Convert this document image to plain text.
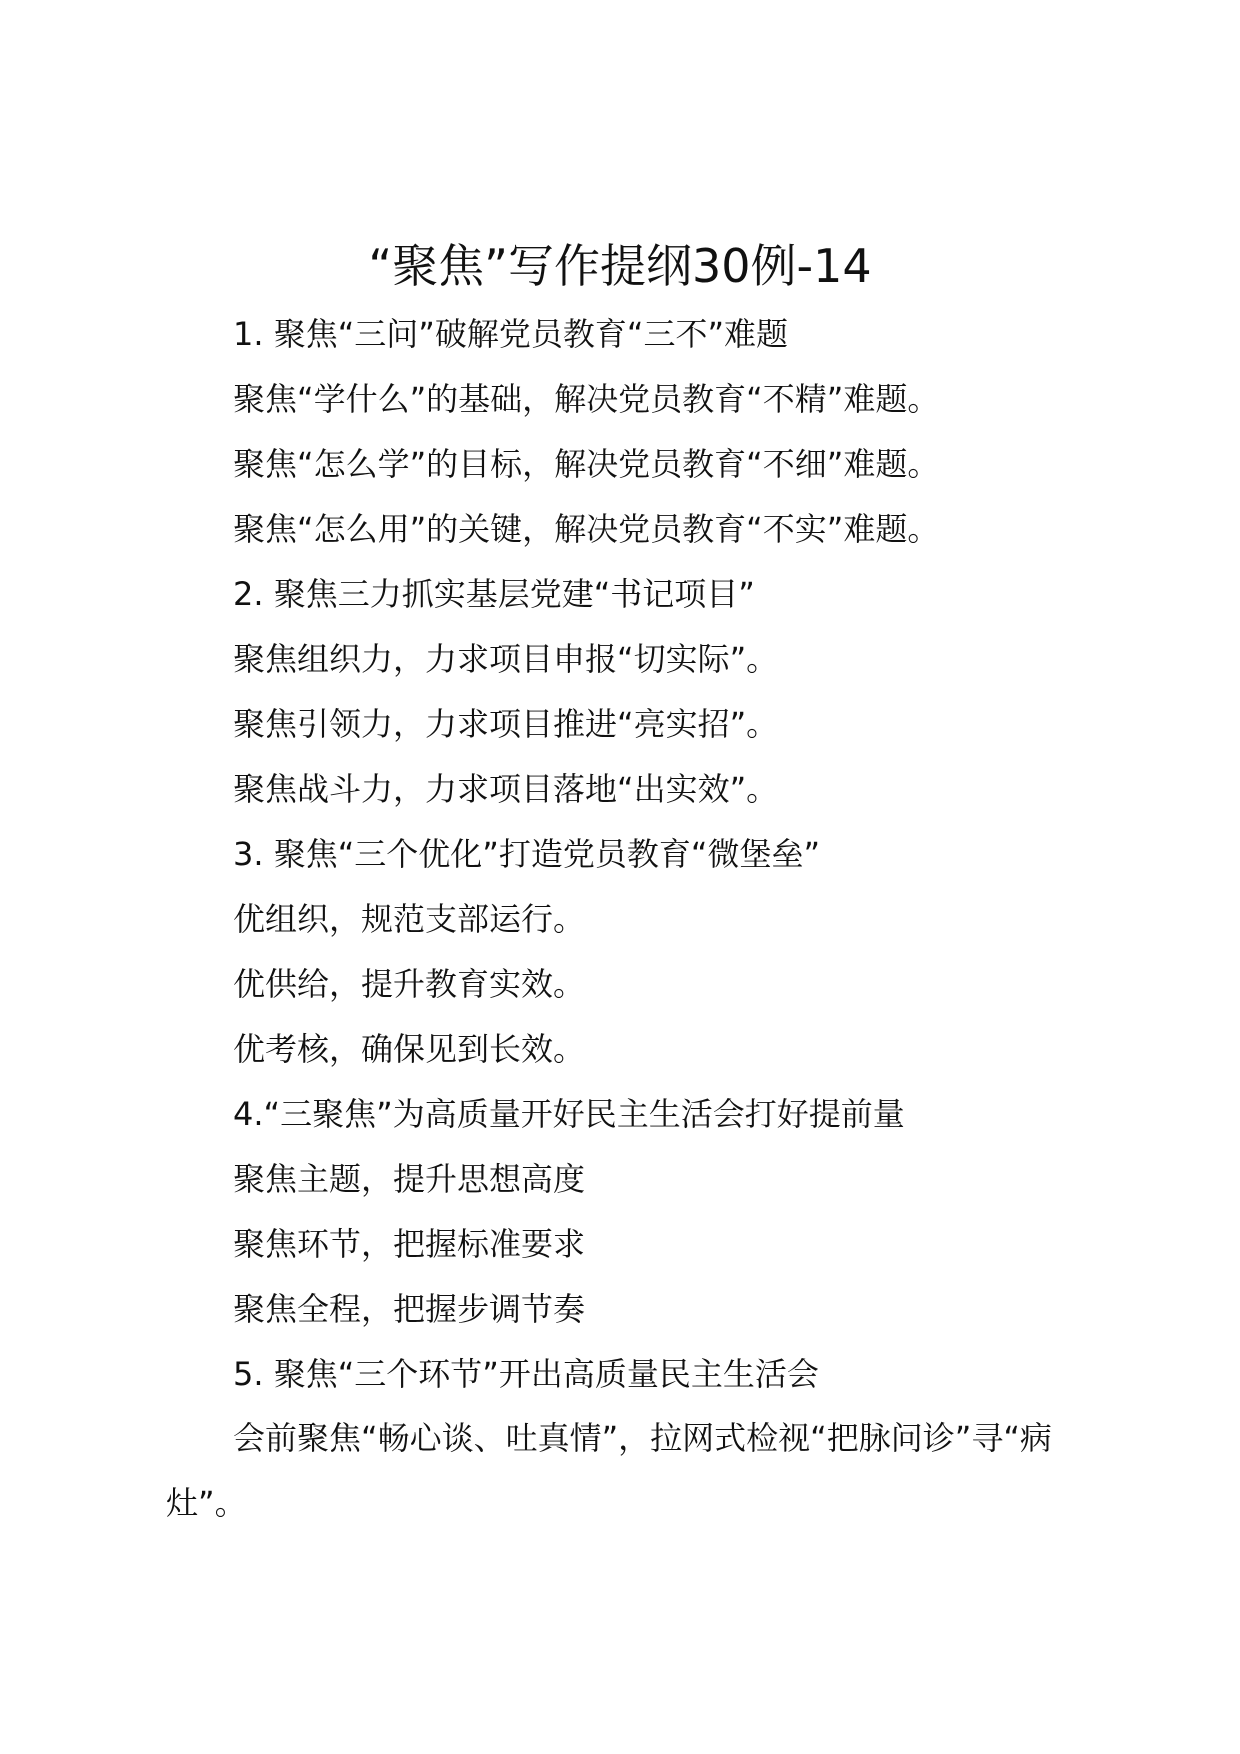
“聚焦”写作提纲30例-14

1. 聚焦“三问”破解党员教育“三不”难题

聚焦“学什么”的基础，解决党员教育“不精”难题。

聚焦“怎么学”的目标，解决党员教育“不细”难题。

聚焦“怎么用”的关键，解决党员教育“不实”难题。

2. 聚焦三力抓实基层党建“书记项目”

聚焦组织力，力求项目申报“切实际”。

聚焦引领力，力求项目推进“亮实招”。

聚焦战斗力，力求项目落地“出实效”。

3. 聚焦“三个优化”打造党员教育“微堡垒”

优组织，规范支部运行。

优供给，提升教育实效。

优考核，确保见到长效。

4.“三聚焦”为高质量开好民主生活会打好提前量

聚焦主题，提升思想高度

聚焦环节，把握标准要求

聚焦全程，把握步调节奏

5. 聚焦“三个环节”开出高质量民主生活会

会前聚焦“畅心谈、吐真情”，拉网式检视“把脉问诊”寻“病灶”。
